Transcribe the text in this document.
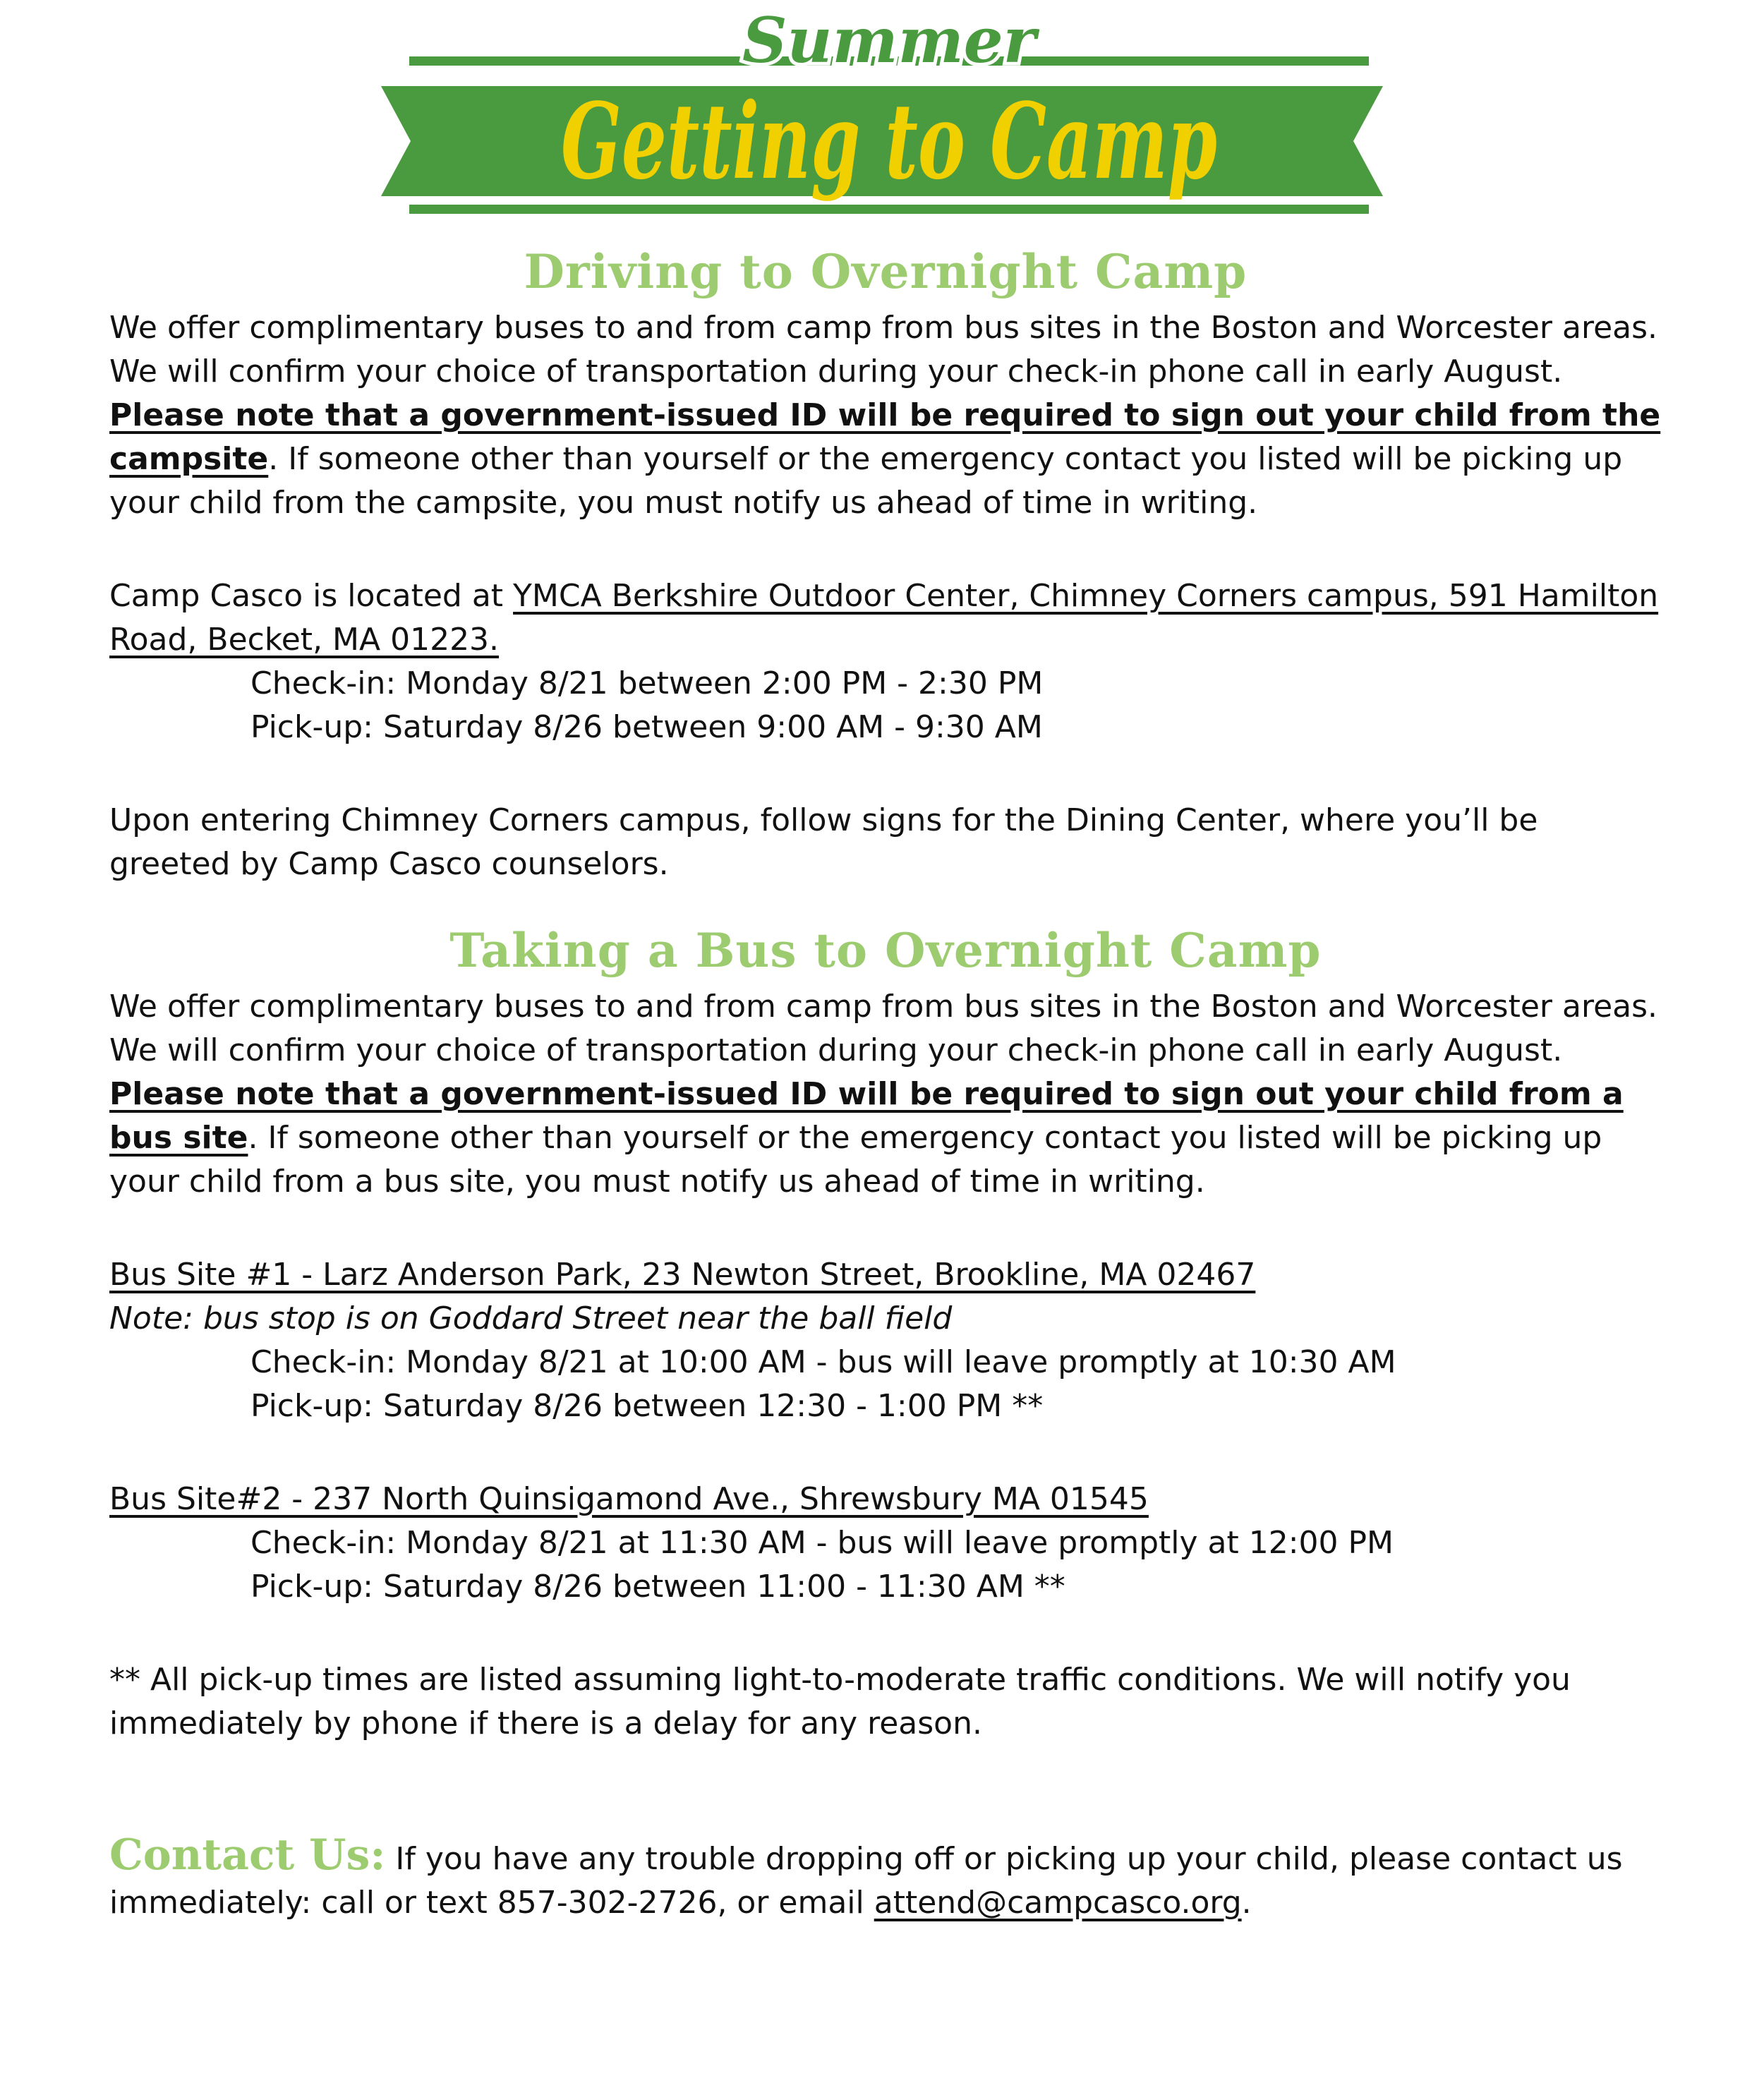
Summer
Getting to Camp
Driving to Overnight Camp

We offer complimentary buses to and from camp from bus sites in the Boston and Worcester areas. We will confirm your choice of transportation during your check-in phone call in early August. Please note that a government-issued ID will be required to sign out your child from the campsite. If someone other than yourself or the emergency contact you listed will be picking up your child from the campsite, you must notify us ahead of time in writing.

Camp Casco is located at YMCA Berkshire Outdoor Center, Chimney Corners campus, 591 Hamilton Road, Becket, MA 01223.

Check-in: Monday 8/21 between 2:00 PM - 2:30 PM

Pick-up: Saturday 8/26 between 9:00 AM - 9:30 AM

Upon entering Chimney Corners campus, follow signs for the Dining Center, where you’ll be greeted by Camp Casco counselors.

Taking a Bus to Overnight Camp

We offer complimentary buses to and from camp from bus sites in the Boston and Worcester areas. We will confirm your choice of transportation during your check-in phone call in early August. Please note that a government-issued ID will be required to sign out your child from a bus site. If someone other than yourself or the emergency contact you listed will be picking up your child from a bus site, you must notify us ahead of time in writing.

Bus Site #1 - Larz Anderson Park, 23 Newton Street, Brookline, MA 02467

Note: bus stop is on Goddard Street near the ball field

Check-in: Monday 8/21 at 10:00 AM - bus will leave promptly at 10:30 AM

Pick-up: Saturday 8/26 between 12:30 - 1:00 PM **

Bus Site#2 - 237 North Quinsigamond Ave., Shrewsbury MA 01545

Check-in: Monday 8/21 at 11:30 AM - bus will leave promptly at 12:00 PM

Pick-up: Saturday 8/26 between 11:00 - 11:30 AM **

** All pick-up times are listed assuming light-to-moderate traffic conditions. We will notify you immediately by phone if there is a delay for any reason.

Contact Us: If you have any trouble dropping off or picking up your child, please contact us immediately: call or text 857-302-2726, or email attend@campcasco.org.
